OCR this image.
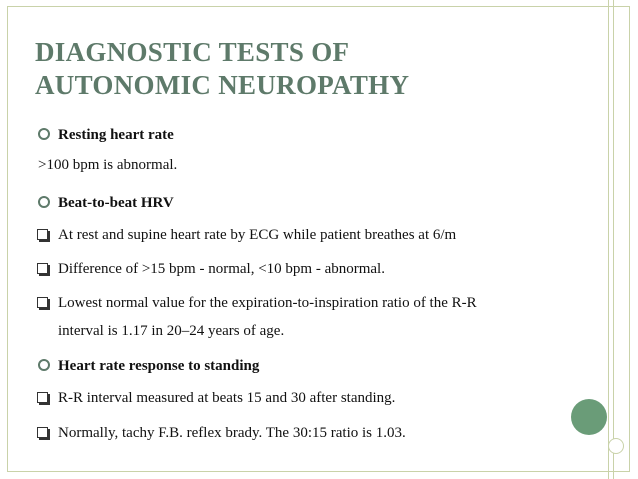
DIAGNOSTIC TESTS OF
AUTONOMIC NEUROPATHY
Resting heart rate
>100 bpm is abnormal.
Beat-to-beat HRV
At rest and supine heart rate by ECG while patient breathes at 6/m
Difference of >15 bpm - normal, <10 bpm - abnormal.
Lowest normal value for the expiration-to-inspiration ratio of the R-R
interval is 1.17 in 20–24 years of age.
Heart rate response to standing
R-R interval measured at beats 15 and 30 after standing.
Normally, tachy F.B. reflex brady. The 30:15 ratio is 1.03.
